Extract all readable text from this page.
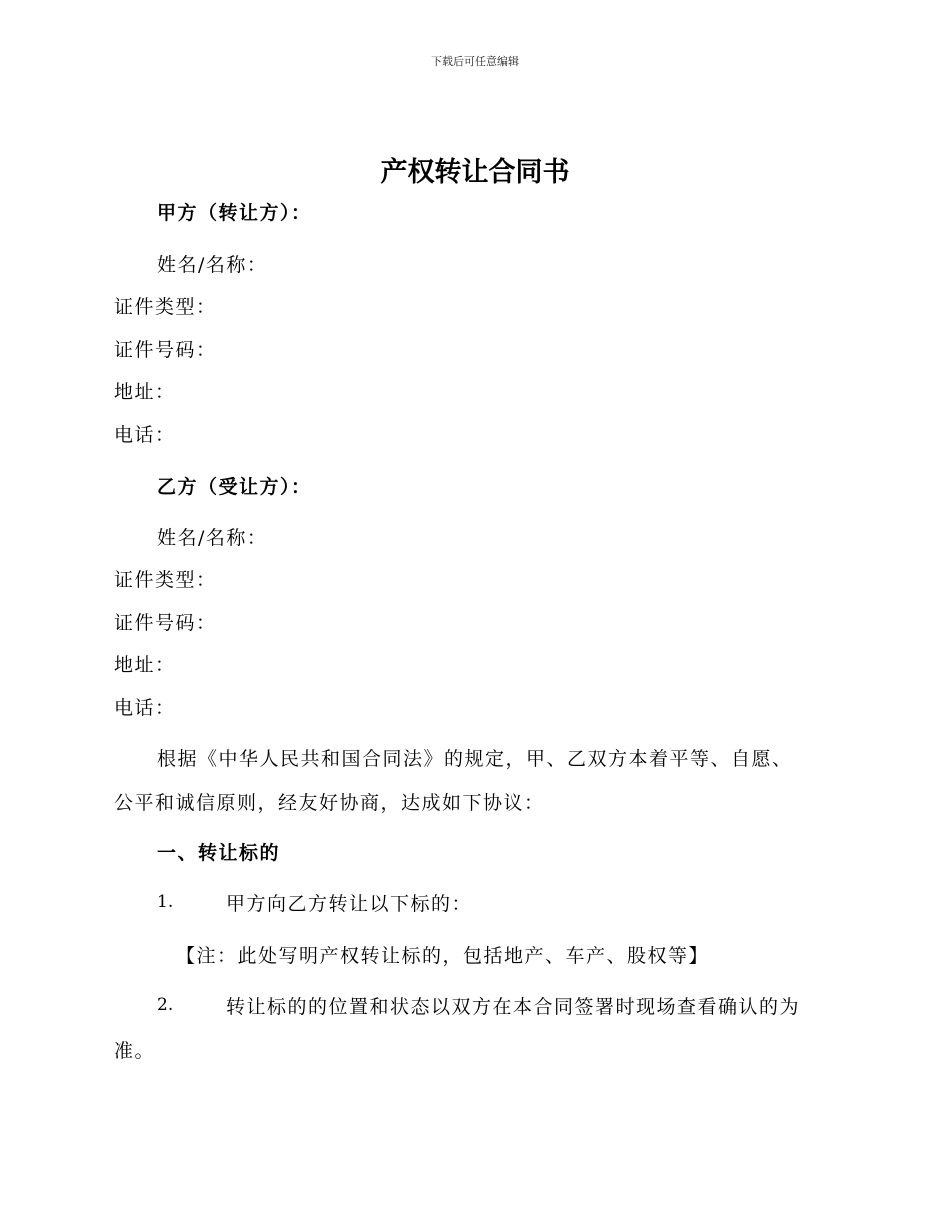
下载后可任意编辑
产权转让合同书
甲方（转让方）：
姓名/名称：
证件类型：
证件号码：
地址：
电话：
乙方（受让方）：
姓名/名称：
证件类型：
证件号码：
地址：
电话：
根据《中华人民共和国合同法》的规定，甲、乙双方本着平等、自愿、
公平和诚信原则，经友好协商，达成如下协议：
一、转让标的
1.	甲方向乙方转让以下标的：
【注：此处写明产权转让标的，包括地产、车产、股权等】
2.	转让标的的位置和状态以双方在本合同签署时现场查看确认的为
准。
